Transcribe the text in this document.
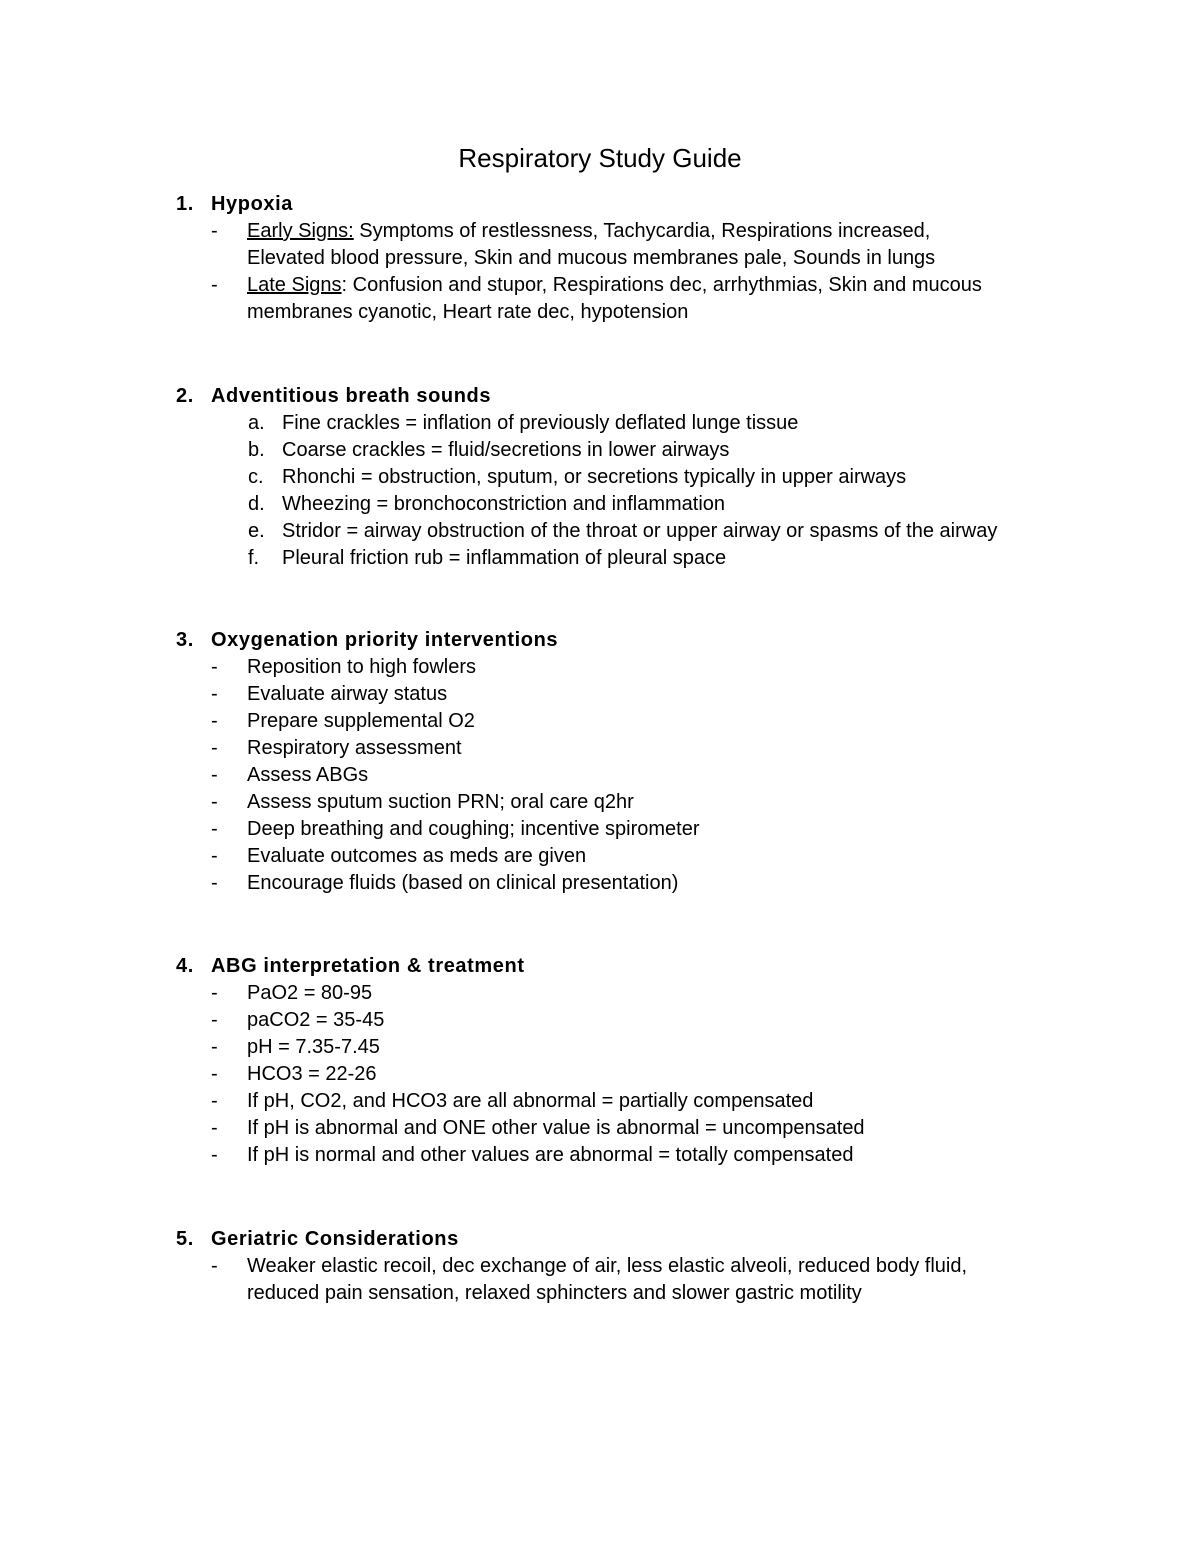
Respiratory Study Guide
1. Hypoxia
- Early Signs: Symptoms of restlessness, Tachycardia, Respirations increased,
Elevated blood pressure, Skin and mucous membranes pale, Sounds in lungs
- Late Signs: Confusion and stupor, Respirations dec, arrhythmias, Skin and mucous
membranes cyanotic, Heart rate dec, hypotension
2. Adventitious breath sounds
a. Fine crackles = inflation of previously deflated lunge tissue
b. Coarse crackles = fluid/secretions in lower airways
c. Rhonchi = obstruction, sputum, or secretions typically in upper airways
d. Wheezing = bronchoconstriction and inflammation
e. Stridor = airway obstruction of the throat or upper airway or spasms of the airway
f. Pleural friction rub = inflammation of pleural space
3. Oxygenation priority interventions
- Reposition to high fowlers
- Evaluate airway status
- Prepare supplemental O2
- Respiratory assessment
- Assess ABGs
- Assess sputum suction PRN; oral care q2hr
- Deep breathing and coughing; incentive spirometer
- Evaluate outcomes as meds are given
- Encourage fluids (based on clinical presentation)
4. ABG interpretation & treatment
- PaO2 = 80-95
- paCO2 = 35-45
- pH = 7.35-7.45
- HCO3 = 22-26
- If pH, CO2, and HCO3 are all abnormal = partially compensated
- If pH is abnormal and ONE other value is abnormal = uncompensated
- If pH is normal and other values are abnormal = totally compensated
5. Geriatric Considerations
- Weaker elastic recoil, dec exchange of air, less elastic alveoli, reduced body fluid,
reduced pain sensation, relaxed sphincters and slower gastric motility
